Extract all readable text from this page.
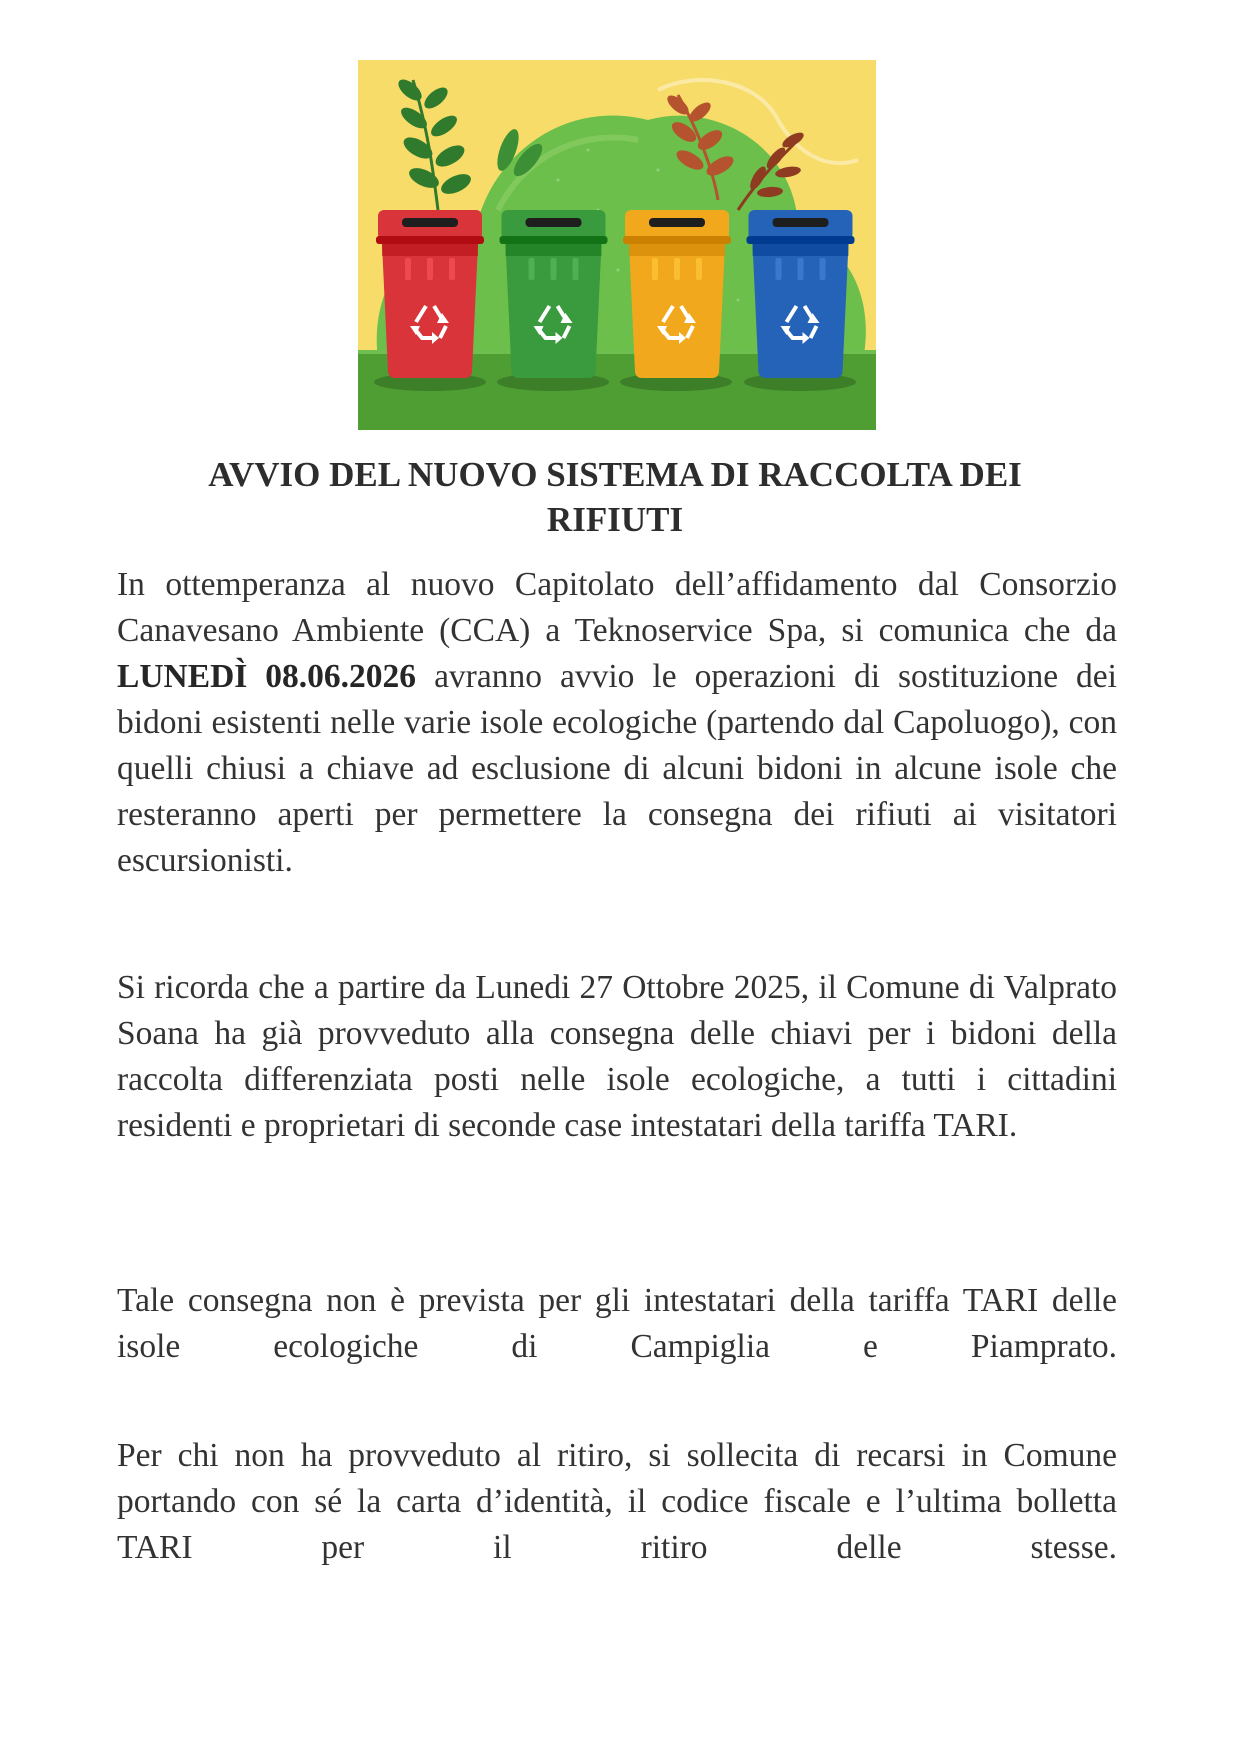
AVVIO DEL NUOVO SISTEMA DI RACCOLTA DEI
RIFIUTI

In ottemperanza al nuovo Capitolato dell’affidamento dal Consorzio Canavesano Ambiente (CCA) a Teknoservice Spa, si comunica che da LUNEDÌ 08.06.2026 avranno avvio le operazioni di sostituzione dei bidoni esistenti nelle varie isole ecologiche (partendo dal Capoluogo), con quelli chiusi a chiave ad esclusione di alcuni bidoni in alcune isole che resteranno aperti per permettere la consegna dei rifiuti ai visitatori escursionisti.

Si ricorda che a partire da Lunedi 27 Ottobre 2025, il Comune di Valprato Soana ha già provveduto alla consegna delle chiavi per i bidoni della raccolta differenziata posti nelle isole ecologiche, a tutti i cittadini residenti e proprietari di seconde case intestatari della tariffa TARI.

Tale consegna non è prevista per gli intestatari della tariffa TARI delle isole ecologiche di Campiglia e Piamprato.

Per chi non ha provveduto al ritiro, si sollecita di recarsi in Comune portando con sé la carta d’identità, il codice fiscale e l’ultima bolletta TARI per il ritiro delle stesse.
